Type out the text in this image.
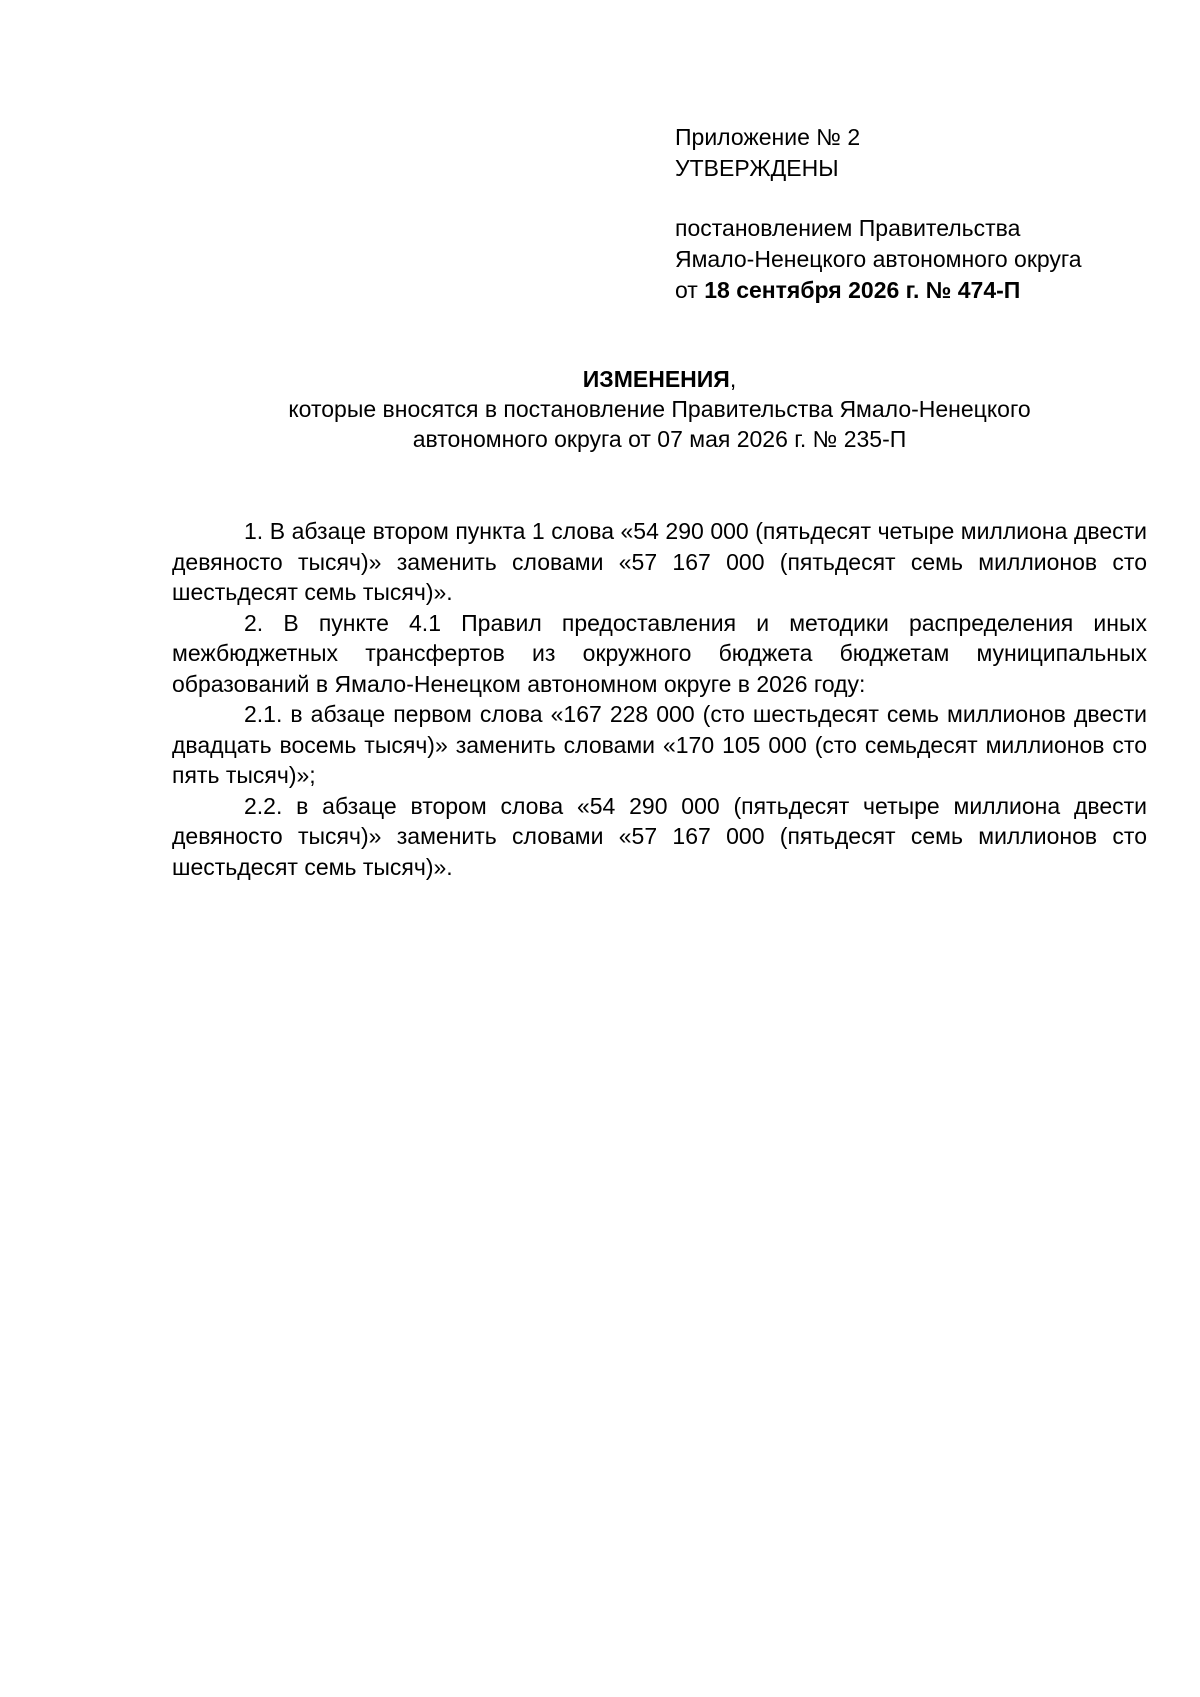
Приложение № 2
УТВЕРЖДЕНЫ
постановлением Правительства
Ямало-Ненецкого автономного округа
от 18 сентября 2026 г. № 474-П
ИЗМЕНЕНИЯ,
которые вносятся в постановление Правительства Ямало-Ненецкого
автономного округа от 07 мая 2026 г. № 235-П

1. В абзаце втором пункта 1 слова «54 290 000 (пятьдесят четыре миллиона двести девяносто тысяч)» заменить словами «57 167 000 (пятьдесят семь миллионов сто шестьдесят семь тысяч)».

2. В пункте 4.1 Правил предоставления и методики распределения иных межбюджетных трансфертов из окружного бюджета бюджетам муниципальных образований в Ямало-Ненецком автономном округе в 2026 году:

2.1. в абзаце первом слова «167 228 000 (сто шестьдесят семь миллионов двести двадцать восемь тысяч)» заменить словами «170 105 000 (сто семьдесят миллионов сто пять тысяч)»;

2.2. в абзаце втором слова «54 290 000 (пятьдесят четыре миллиона двести девяносто тысяч)» заменить словами «57 167 000 (пятьдесят семь миллионов сто шестьдесят семь тысяч)».
